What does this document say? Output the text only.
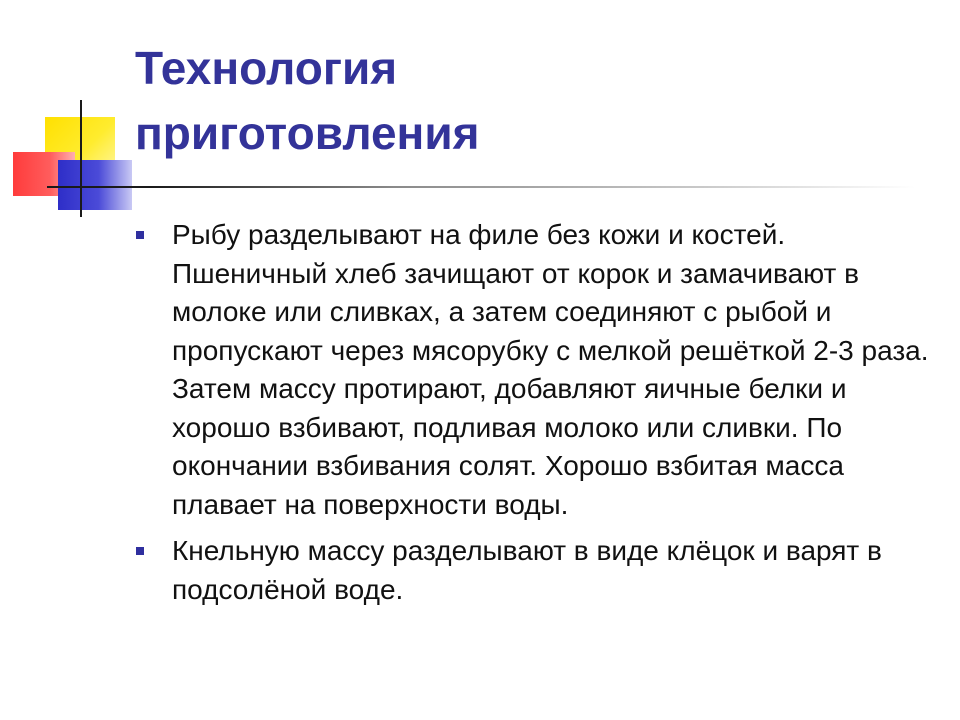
Технология
приготовления
Рыбу разделывают на филе без кожи и костей. Пшеничный хлеб зачищают от корок и замачивают в молоке или сливках, а затем соединяют с рыбой и пропускают через мясорубку с мелкой решёткой 2-3 раза. Затем массу протирают, добавляют яичные белки и хорошо взбивают, подливая молоко или сливки. По окончании взбивания солят. Хорошо взбитая масса плавает на поверхности воды.
Кнельную массу разделывают в виде клёцок и варят в подсолёной воде.
